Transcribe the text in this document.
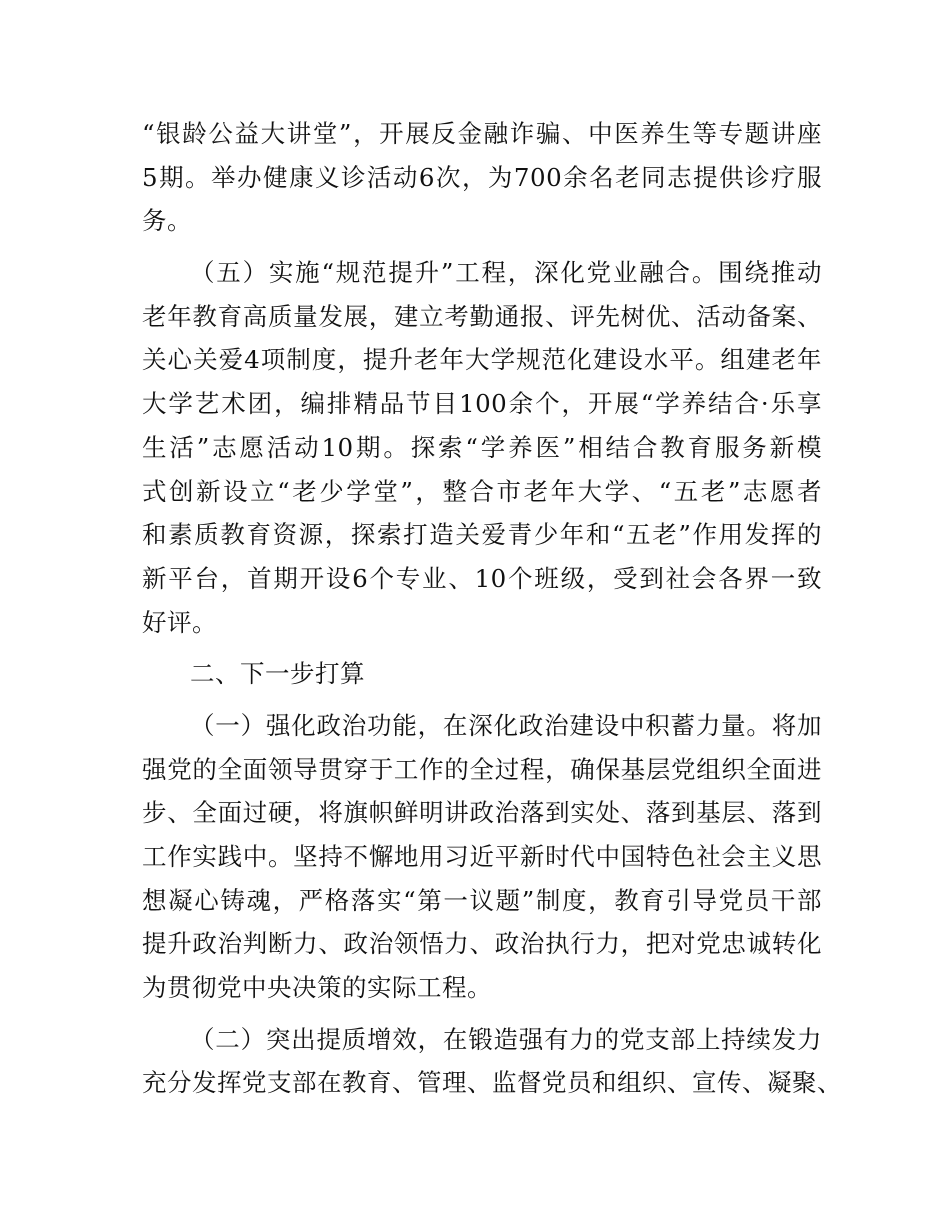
“银龄公益大讲堂”，开展反金融诈骗、中医养生等专题讲座
5期。举办健康义诊活动6次，为700余名老同志提供诊疗服
务。
（五）实施“规范提升”工程，深化党业融合。围绕推动
老年教育高质量发展，建立考勤通报、评先树优、活动备案、
关心关爱4项制度，提升老年大学规范化建设水平。组建老年
大学艺术团，编排精品节目100余个，开展“学养结合·乐享
生活”志愿活动10期。探索“学养医”相结合教育服务新模
式创新设立“老少学堂”，整合市老年大学、“五老”志愿者
和素质教育资源，探索打造关爱青少年和“五老”作用发挥的
新平台，首期开设6个专业、10个班级，受到社会各界一致
好评。
二、下一步打算
（一）强化政治功能，在深化政治建设中积蓄力量。将加
强党的全面领导贯穿于工作的全过程，确保基层党组织全面进
步、全面过硬，将旗帜鲜明讲政治落到实处、落到基层、落到
工作实践中。坚持不懈地用习近平新时代中国特色社会主义思
想凝心铸魂，严格落实“第一议题”制度，教育引导党员干部
提升政治判断力、政治领悟力、政治执行力，把对党忠诚转化
为贯彻党中央决策的实际工程。
（二）突出提质增效，在锻造强有力的党支部上持续发力
充分发挥党支部在教育、管理、监督党员和组织、宣传、凝聚、
